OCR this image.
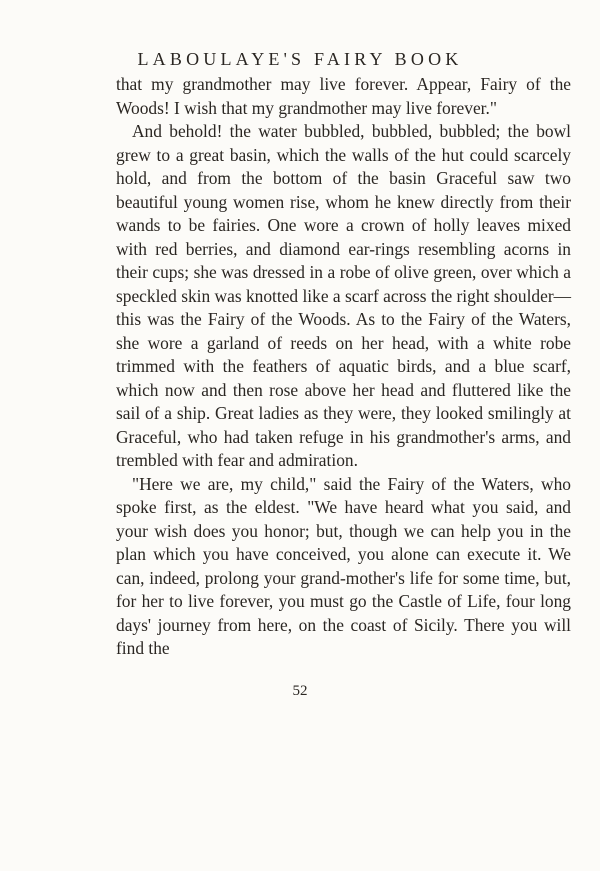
LABOULAYE'S FAIRY BOOK

that my grandmother may live forever. Appear, Fairy of the Woods! I wish that my grandmother may live forever."

And behold! the water bubbled, bubbled, bubbled; the bowl grew to a great basin, which the walls of the hut could scarcely hold, and from the bottom of the basin Graceful saw two beautiful young women rise, whom he knew directly from their wands to be fairies. One wore a crown of holly leaves mixed with red berries, and diamond ear-rings resembling acorns in their cups; she was dressed in a robe of olive green, over which a speckled skin was knotted like a scarf across the right shoulder—this was the Fairy of the Woods. As to the Fairy of the Waters, she wore a garland of reeds on her head, with a white robe trimmed with the feathers of aquatic birds, and a blue scarf, which now and then rose above her head and fluttered like the sail of a ship. Great ladies as they were, they looked smilingly at Graceful, who had taken refuge in his grandmother's arms, and trembled with fear and admiration.

"Here we are, my child," said the Fairy of the Waters, who spoke first, as the eldest. "We have heard what you said, and your wish does you honor; but, though we can help you in the plan which you have conceived, you alone can execute it. We can, indeed, prolong your grand-mother's life for some time, but, for her to live forever, you must go the Castle of Life, four long days' journey from here, on the coast of Sicily. There you will find the

52
